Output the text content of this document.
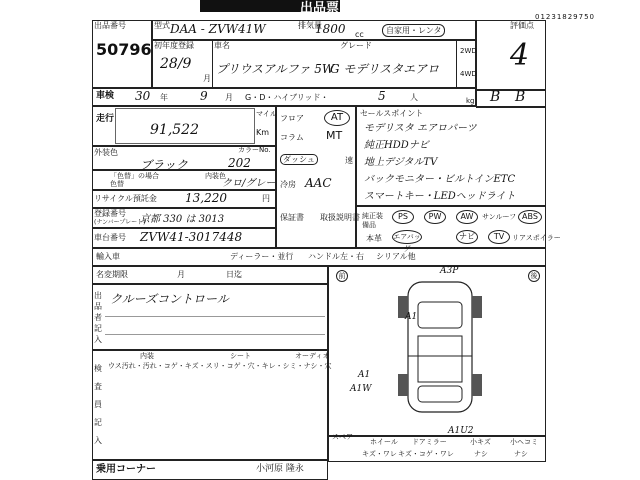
出品票
01231829750
出品番号
50796
型式 DAA - ZVW41W	排気量
1800 cc	自家用・レンタ
評価点
4
初年度登録
28/9
月
車名
プリウスアルファ 5W
グレード
G モデリスタエアロ
2WD
4WD
車検 30 年	9 月 G・D・ハイブリッド・	5	人	kg B B
走行
91,522
マイル
Km
外装色
ブラック
カラーNo.
202
「色替」の場合
色替
内装色
クロ/グレー
リサイクル預託金 13,220	円
登録番号
(ナンバープレート)
京都 330 は 3013
車台番号 ZVW41-3017448
輸入車	ディーラー・並行 ハンドル 左・右 シリアル他
名変期限	月	日迄
フロア	AT
コラム MT
ダッシュ	速
冷房 AAC
保証書 取扱説明書
セールスポイント
モデリスタ エアロパーツ
純正HDDナビ
地上デジタルTV
バックモニター・ビルトインETC
スマートキー・LEDヘッドライト
純正装備品
PS	PW	AW	サンルーフ ABS
本革 エアバッグ
ナビ	TV	リアスポイラー
出品者記入
クルーズコントロール
検査員記入
内装	シート	オーディオ
ウス汚れ・汚れ・コゲ・キズ・スリ・コゲ・穴・キレ・シミ・ナシ・穴
前	後
A3P
A1
A1
A1W
A1U2
スペア
ホイール
キズ・ワレ
ドアミラー
キズ・コゲ・ワレ
小キズ
ナシ
小ヘコミ
ナシ
乗用コーナー	小河原 隆永
